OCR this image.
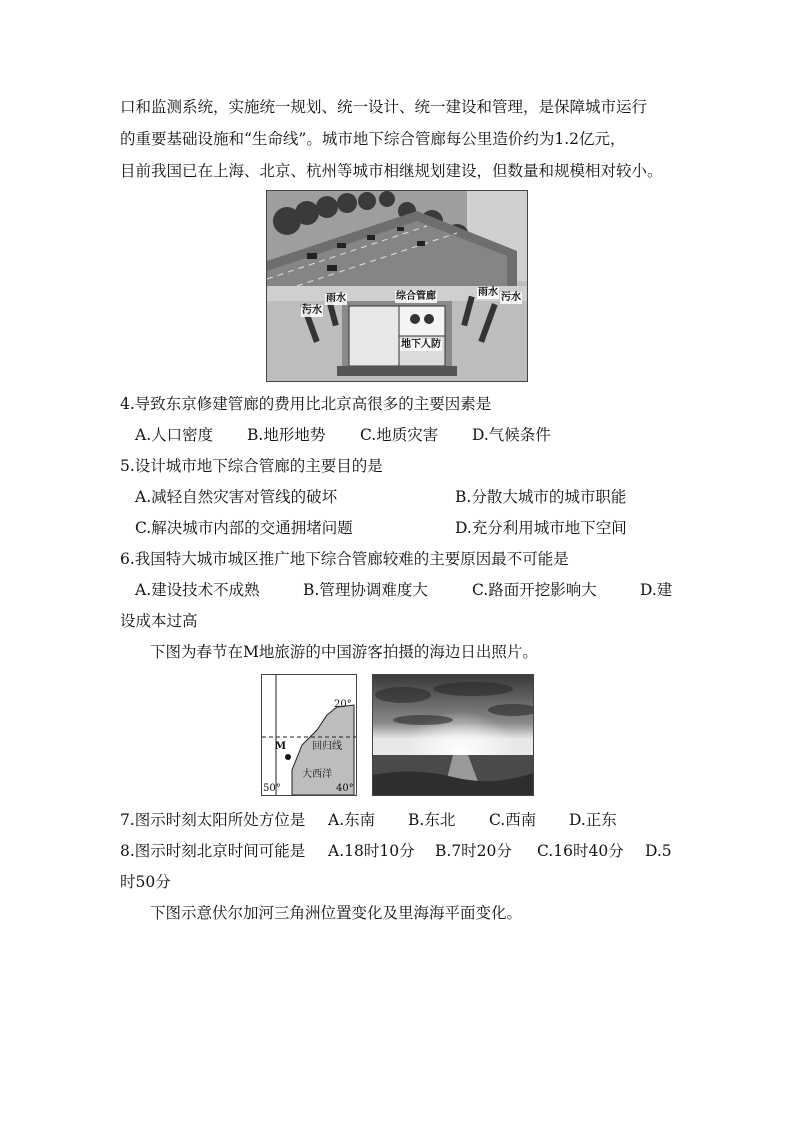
口和监测系统，实施统一规划、统一设计、统一建设和管理，是保障城市运行
的重要基础设施和“生命线”。城市地下综合管廊每公里造价约为1.2亿元，
目前我国已在上海、北京、杭州等城市相继规划建设，但数量和规模相对较小。
污水
雨水	综合管廊	雨水 污水
地下人防
4.导致东京修建管廊的费用比北京高很多的主要因素是
A.人口密度 B.地形地势 C.地质灾害 D.气候条件
5.设计城市地下综合管廊的主要目的是
A.减轻自然灾害对管线的破坏	B.分散大城市的城市职能
C.解决城市内部的交通拥堵问题	D.充分利用城市地下空间
6.我国特大城市城区推广地下综合管廊较难的主要原因最不可能是
A.建设技术不成熟	B.管理协调难度大	C.路面开挖影响大	D.建
设成本过高
下图为春节在M地旅游的中国游客拍摄的海边日出照片。
20°
M	回归线
大西洋
50°	40°
7.图示时刻太阳所处方位是 A.东南 B.东北 C.西南 D.正东
8.图示时刻北京时间可能是 A.18时10分 B.7时20分 C.16时40分 D.5
时50分
下图示意伏尔加河三角洲位置变化及里海海平面变化。
